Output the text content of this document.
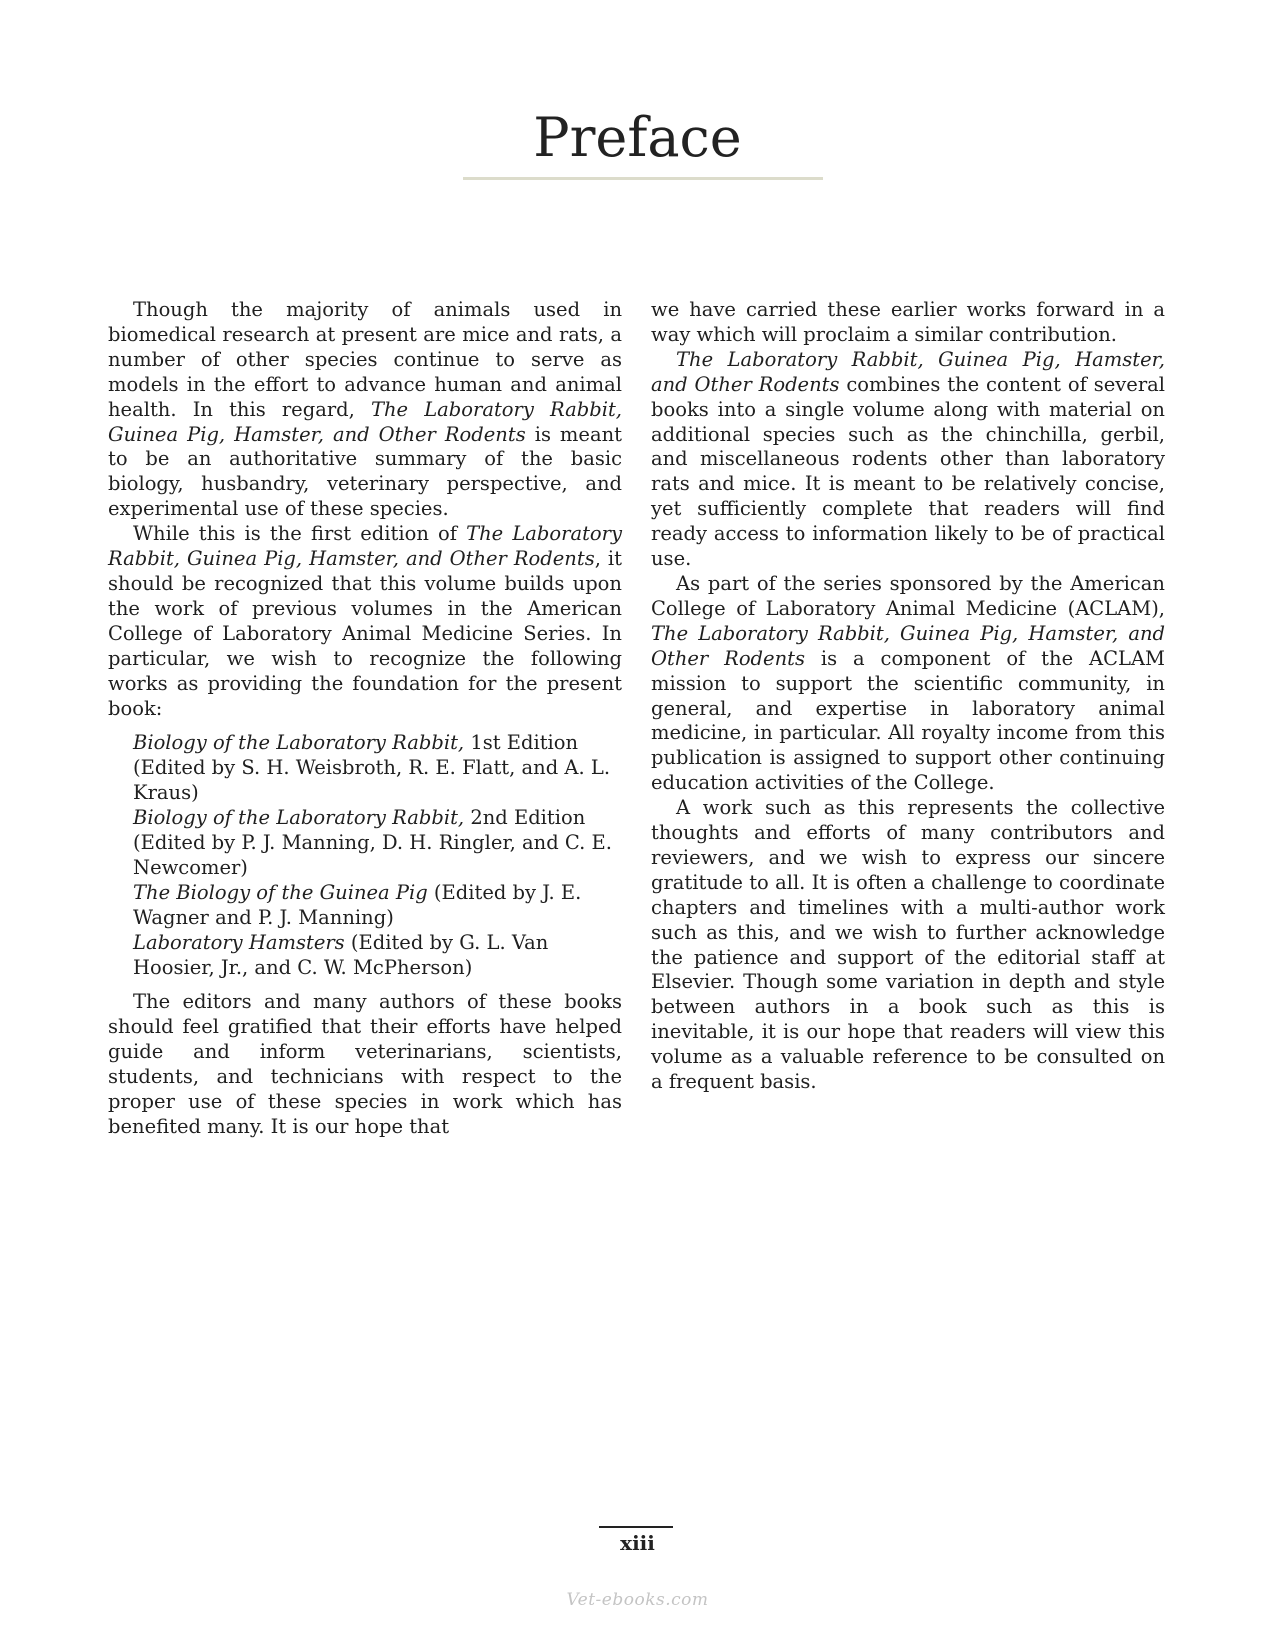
Preface

Though the majority of animals used in biomedical research at present are mice and rats, a number of other species continue to serve as models in the effort to advance human and animal health. In this regard, The Laboratory Rabbit, Guinea Pig, Hamster, and Other Rodents is meant to be an authoritative summary of the basic biology, husbandry, veterinary perspective, and experimental use of these species.

While this is the first edition of The Laboratory Rabbit, Guinea Pig, Hamster, and Other Rodents, it should be recognized that this volume builds upon the work of previous volumes in the American College of Laboratory Animal Medicine Series. In particular, we wish to recognize the following works as providing the foundation for the present book:

Biology of the Laboratory Rabbit, 1st Edition (Edited by S. H. Weisbroth, R. E. Flatt, and A. L. Kraus)
Biology of the Laboratory Rabbit, 2nd Edition (Edited by P. J. Manning, D. H. Ringler, and C. E. Newcomer)
The Biology of the Guinea Pig (Edited by J. E. Wagner and P. J. Manning)
Laboratory Hamsters (Edited by G. L. Van Hoosier, Jr., and C. W. McPherson)

The editors and many authors of these books should feel gratified that their efforts have helped guide and inform veterinarians, scientists, students, and technicians with respect to the proper use of these species in work which has benefited many. It is our hope that

we have carried these earlier works forward in a way which will proclaim a similar contribution.

The Laboratory Rabbit, Guinea Pig, Hamster, and Other Rodents combines the content of several books into a single volume along with material on additional species such as the chinchilla, gerbil, and miscellaneous rodents other than laboratory rats and mice. It is meant to be relatively concise, yet sufficiently complete that readers will find ready access to information likely to be of practical use.

As part of the series sponsored by the American College of Laboratory Animal Medicine (ACLAM), The Laboratory Rabbit, Guinea Pig, Hamster, and Other Rodents is a component of the ACLAM mission to support the scientific community, in general, and expertise in laboratory animal medicine, in particular. All royalty income from this publication is assigned to support other continuing education activities of the College.

A work such as this represents the collective thoughts and efforts of many contributors and reviewers, and we wish to express our sincere gratitude to all. It is often a challenge to coordinate chapters and timelines with a multi-author work such as this, and we wish to further acknowledge the patience and support of the editorial staff at Elsevier. Though some variation in depth and style between authors in a book such as this is inevitable, it is our hope that readers will view this volume as a valuable reference to be consulted on a frequent basis.

xiii
Vet-ebooks.com
